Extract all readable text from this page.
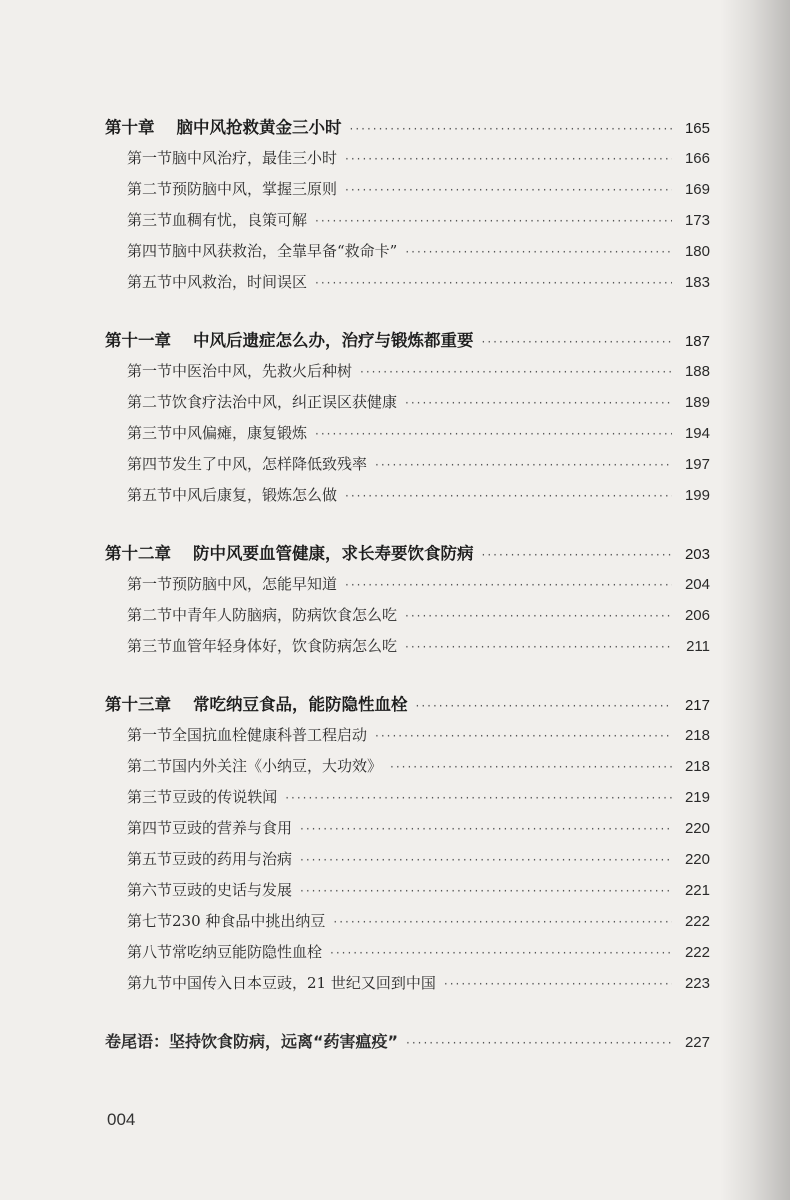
第十章 脑中风抢救黄金三小时 ·····	165
第一节 脑中风治疗，最佳三小时 ·····	166
第二节 预防脑中风，掌握三原则 ·····	169
第三节 血稠有忧，良策可解 ·····	173
第四节 脑中风获救治，全靠早备“救命卡” ·····	180
第五节 中风救治，时间误区 ·····	183
第十一章 中风后遗症怎么办，治疗与锻炼都重要 ·····	187
第一节 中医治中风，先救火后种树 ·····	188
第二节 饮食疗法治中风，纠正误区获健康 ·····	189
第三节 中风偏瘫，康复锻炼 ·····	194
第四节 发生了中风，怎样降低致残率 ·····	197
第五节 中风后康复，锻炼怎么做 ·····	199
第十二章 防中风要血管健康，求长寿要饮食防病 ·····	203
第一节 预防脑中风，怎能早知道 ·····	204
第二节 中青年人防脑病，防病饮食怎么吃 ·····	206
第三节 血管年轻身体好，饮食防病怎么吃 ·····	211
第十三章 常吃纳豆食品，能防隐性血栓 ·····	217
第一节 全国抗血栓健康科普工程启动 ·····	218
第二节 国内外关注《小纳豆，大功效》 ·····	218
第三节 豆豉的传说轶闻 ·····	219
第四节 豆豉的营养与食用 ·····	220
第五节 豆豉的药用与治病 ·····	220
第六节 豆豉的史话与发展 ·····	221
第七节 230 种食品中挑出纳豆 ·····	222
第八节 常吃纳豆能防隐性血栓 ·····	222
第九节 中国传入日本豆豉，21 世纪又回到中国 ·····	223
卷尾语：坚持饮食防病，远离“药害瘟疫” ·····	227
004
